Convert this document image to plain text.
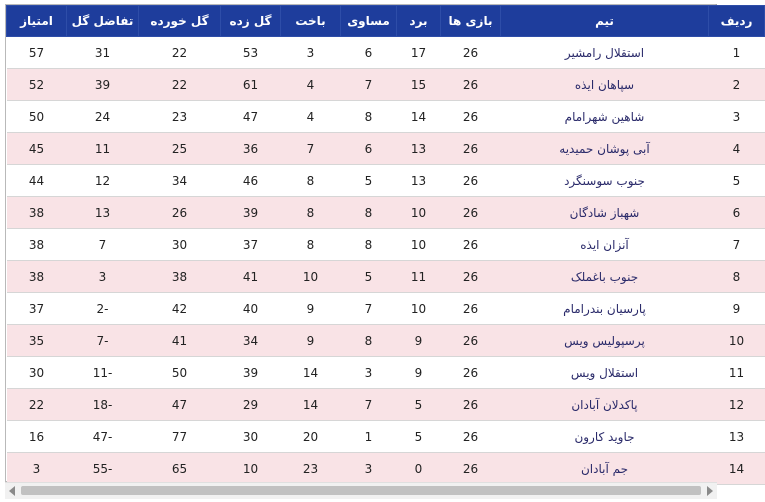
ردیف	تیم	بازی ها	برد	مساوی	باخت	گل زده	گل خورده	تفاضل گل	امتیاز
1	استقلال رامشیر	26	17	6	3	53	22	31	57
2	سپاهان ایذه	26	15	7	4	61	22	39	52
3	شاهین شهرامام	26	14	8	4	47	23	24	50
4	آبی پوشان حمیدیه	26	13	6	7	36	25	11	45
5	جنوب سوسنگرد	26	13	5	8	46	34	12	44
6	شهباز شادگان	26	10	8	8	39	26	13	38
7	آنزان ایذه	26	10	8	8	37	30	7	38
8	جنوب باغملک	26	11	5	10	41	38	3	38
9	پارسیان بندرامام	26	10	7	9	40	42	-2	37
10	پرسپولیس ویس	26	9	8	9	34	41	-7	35
11	استقلال ویس	26	9	3	14	39	50	-11	30
12	پاکدلان آبادان	26	5	7	14	29	47	-18	22
13	جاوید کارون	26	5	1	20	30	77	-47	16
14	جم آبادان	26	0	3	23	10	65	-55	3
